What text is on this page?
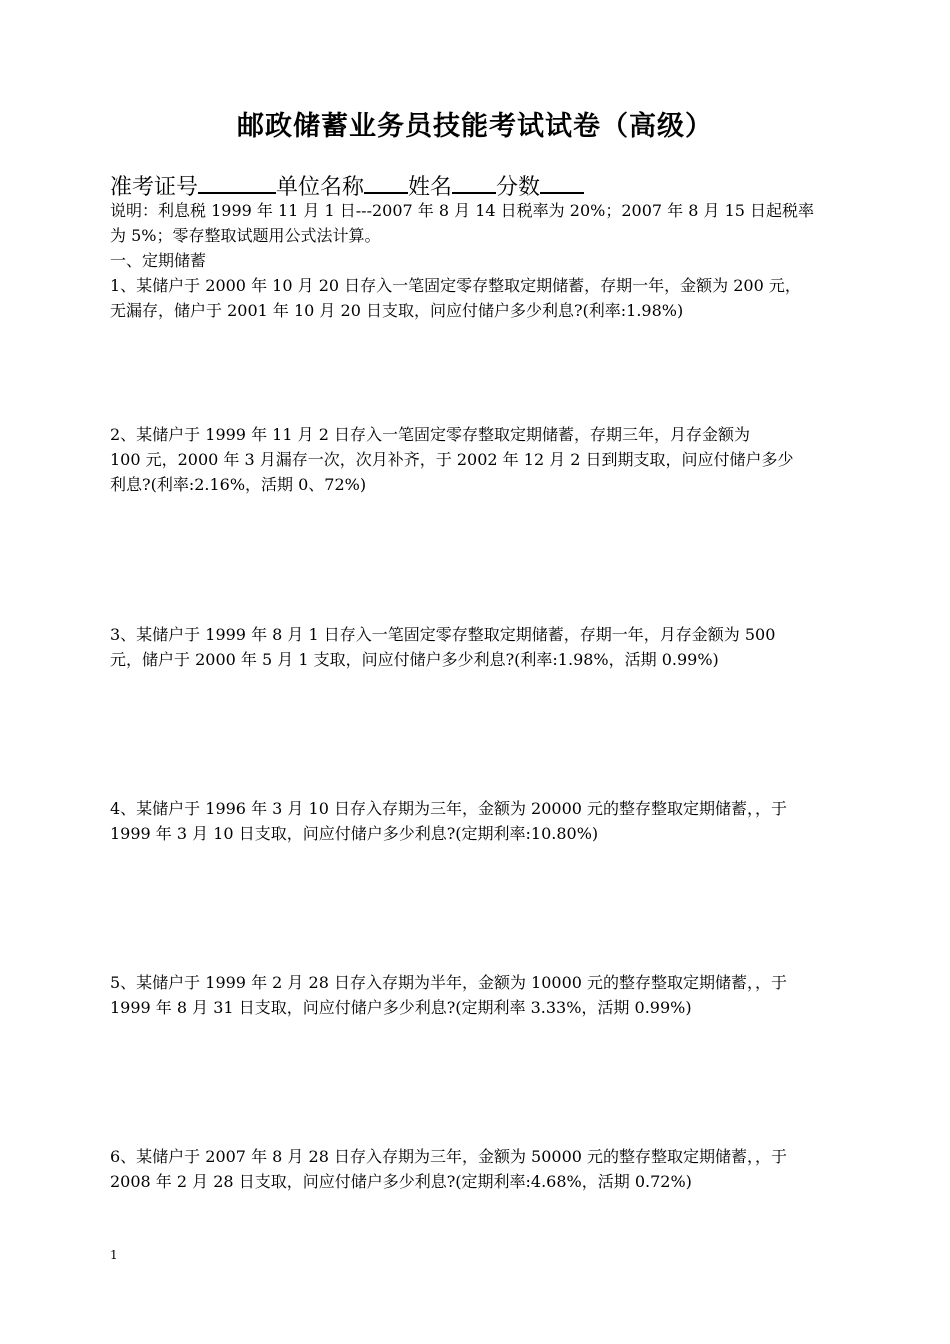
邮政储蓄业务员技能考试试卷（高级）
准考证号	单位名称 姓名 分数
说明：利息税 1999 年 11 月 1 日---2007 年 8 月 14 日税率为 20%；2007 年 8 月 15 日起税率
为 5%；零存整取试题用公式法计算。
一、定期储蓄
1、某储户于 2000 年 10 月 20 日存入一笔固定零存整取定期储蓄，存期一年，金额为 200 元，
无漏存，储户于 2001 年 10 月 20 日支取，问应付储户多少利息?(利率:1.98%)
2、某储户于 1999 年 11 月 2 日存入一笔固定零存整取定期储蓄，存期三年，月存金额为
100 元，2000 年 3 月漏存一次，次月补齐，于 2002 年 12 月 2 日到期支取，问应付储户多少
利息?(利率:2.16%，活期 0、72%)
3、某储户于 1999 年 8 月 1 日存入一笔固定零存整取定期储蓄，存期一年，月存金额为 500
元，储户于 2000 年 5 月 1 支取，问应付储户多少利息?(利率:1.98%，活期 0.99%)
4、某储户于 1996 年 3 月 10 日存入存期为三年，金额为 20000 元的整存整取定期储蓄，，于
1999 年 3 月 10 日支取，问应付储户多少利息?(定期利率:10.80%)
5、某储户于 1999 年 2 月 28 日存入存期为半年，金额为 10000 元的整存整取定期储蓄，，于
1999 年 8 月 31 日支取，问应付储户多少利息?(定期利率 3.33%，活期 0.99%)
6、某储户于 2007 年 8 月 28 日存入存期为三年，金额为 50000 元的整存整取定期储蓄，，于
2008 年 2 月 28 日支取，问应付储户多少利息?(定期利率:4.68%，活期 0.72%)
1
